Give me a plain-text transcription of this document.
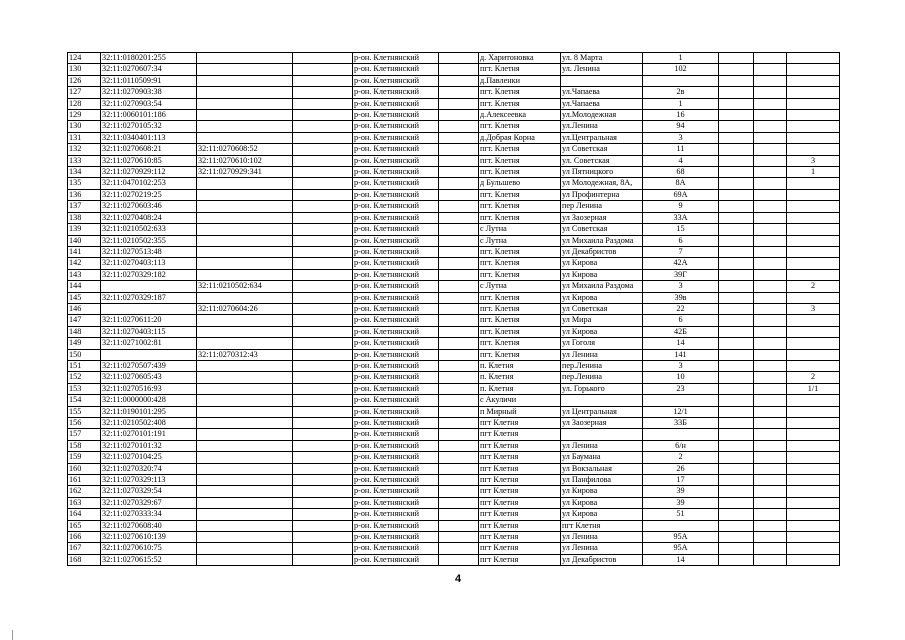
124	32:11:0180201:255			р-он. Клетнянский		д. Харитоновка	ул. 8 Марта	1			
130	32:11:0270607:34			р-он. Клетнянский		пгт. Клетня	ул. Ленина	102			
126	32:11:0110509:91			р-он. Клетнянский		д.Павленки					
127	32:11:0270903:38			р-он. Клетнянский		пгт. Клетня	ул.Чапаева	2в			
128	32:11:0270903:54			р-он. Клетнянский		пгт. Клетня	ул.Чапаева	1			
129	32:11:0060101:186			р-он. Клетнянский		д.Алексеевка	ул.Молодежная	16			
130	32:11:0270105:32			р-он. Клетнянский		пгт. Клетня	ул.Ленина	94			
131	32:11:0340401:113			р-он. Клетнянский		д.Добрая Корна	ул.Центральная	3			
132	32:11:0270608:21	32:11:0270608:52		р-он. Клетнянский		пгт. Клетня	ул Советская	11			
133	32:11:0270610:85	32:11:0270610:102		р-он. Клетнянский		пгт. Клетня	ул. Советская	4			3
134	32:11:0270929:112	32:11:0270929:341		р-он. Клетнянский		пгт. Клетня	ул Пятницкого	68			1
135	32:11:0470102:253			р-он. Клетнянский		д Бульшево	ул Молодежная, 8А,	8А			
136	32:11:0270219:25			р-он. Клетнянский		пгт. Клетня	ул Профинтерна	69А			
137	32:11:0270603:46			р-он. Клетнянский		пгт. Клетня	пер Ленина	9			
138	32:11:0270408:24			р-он. Клетнянский		пгт. Клетня	ул Заозерная	33А			
139	32:11:0210502:633			р-он. Клетнянский		с Лутна	ул Советская	15			
140	32:11:0210502:355			р-он. Клетнянский		с Лутна	ул Михаила Раздома	6			
141	32:11:0270513:48			р-он. Клетнянский		пгт. Клетня	ул Декабристов	7			
142	32:11:0270403:113			р-он. Клетнянский		пгт. Клетня	ул Кирова	42А			
143	32:11:0270329:182			р-он. Клетнянский		пгт. Клетня	ул Кирова	39Г			
144		32:11:0210502:634		р-он. Клетнянский		с Лутна	ул Михаила Раздома	3			2
145	32:11:0270329:187			р-он. Клетнянский		пгт. Клетня	ул Кирова	39в			
146		32:11:0270604:26		р-он. Клетнянский		пгт. Клетня	ул Советская	22			3
147	32:11:0270611:20			р-он. Клетнянский		пгт. Клетня	ул Мира	6			
148	32:11:0270403:115			р-он. Клетнянский		пгт. Клетня	ул Кирова	42Б			
149	32:11:0271002:81			р-он. Клетнянский		пгт. Клетня	ул Гоголя	14			
150		32:11:0270312:43		р-он. Клетнянский		пгт. Клетня	ул Ленина	141			
151	32:11:0270507:439			р-он. Клетнянский		п. Клетня	пер.Ленина	3			
152	32:11:0270605:43			р-он. Клетнянский		п. Клетня	пер.Ленина	10			2
153	32:11:0270516:93			р-он. Клетнянский		п. Клетня	ул. Горького	23			1/1
154	32:11:0000000:428			р-он. Клетнянский		с Акуличи					
155	32:11:0190101:295			р-он. Клетнянский		п Мирный	ул Центральная	12/1			
156	32:11:0210502:408			р-он. Клетнянский		пгт Клетня	ул Заозерная	33Б			
157	32:11:0270101:191			р-он. Клетнянский		пгт Клетня					
158	32:11:0270101:32			р-он. Клетнянский		пгт Клетня	ул Ленина	6/н			
159	32:11:0270104:25			р-он. Клетнянский		пгт Клетня	ул Баумана	2			
160	32:11:0270320:74			р-он. Клетнянский		пгт Клетня	ул Вокзальная	26			
161	32:11:0270329:113			р-он. Клетнянский		пгт Клетня	ул Панфилова	17			
162	32:11:0270329:54			р-он. Клетнянский		пгт Клетня	ул Кирова	39			
163	32:11:0270329:67			р-он. Клетнянский		пгт Клетня	ул Кирова	39			
164	32:11:0270333:34			р-он. Клетнянский		пгт Клетня	ул Кирова	51			
165	32:11:0270608:40			р-он. Клетнянский		пгт Клетня	пгт Клетня				
166	32:11:0270610:139			р-он. Клетнянский		пгт Клетня	ул Ленина	95А			
167	32:11:0270610:75			р-он. Клетнянский		пгт Клетня	ул Ленина	95А			
168	32:11:0270615:52			р-он. Клетнянский		пгт Клетня	ул Декабристов	14			
4
